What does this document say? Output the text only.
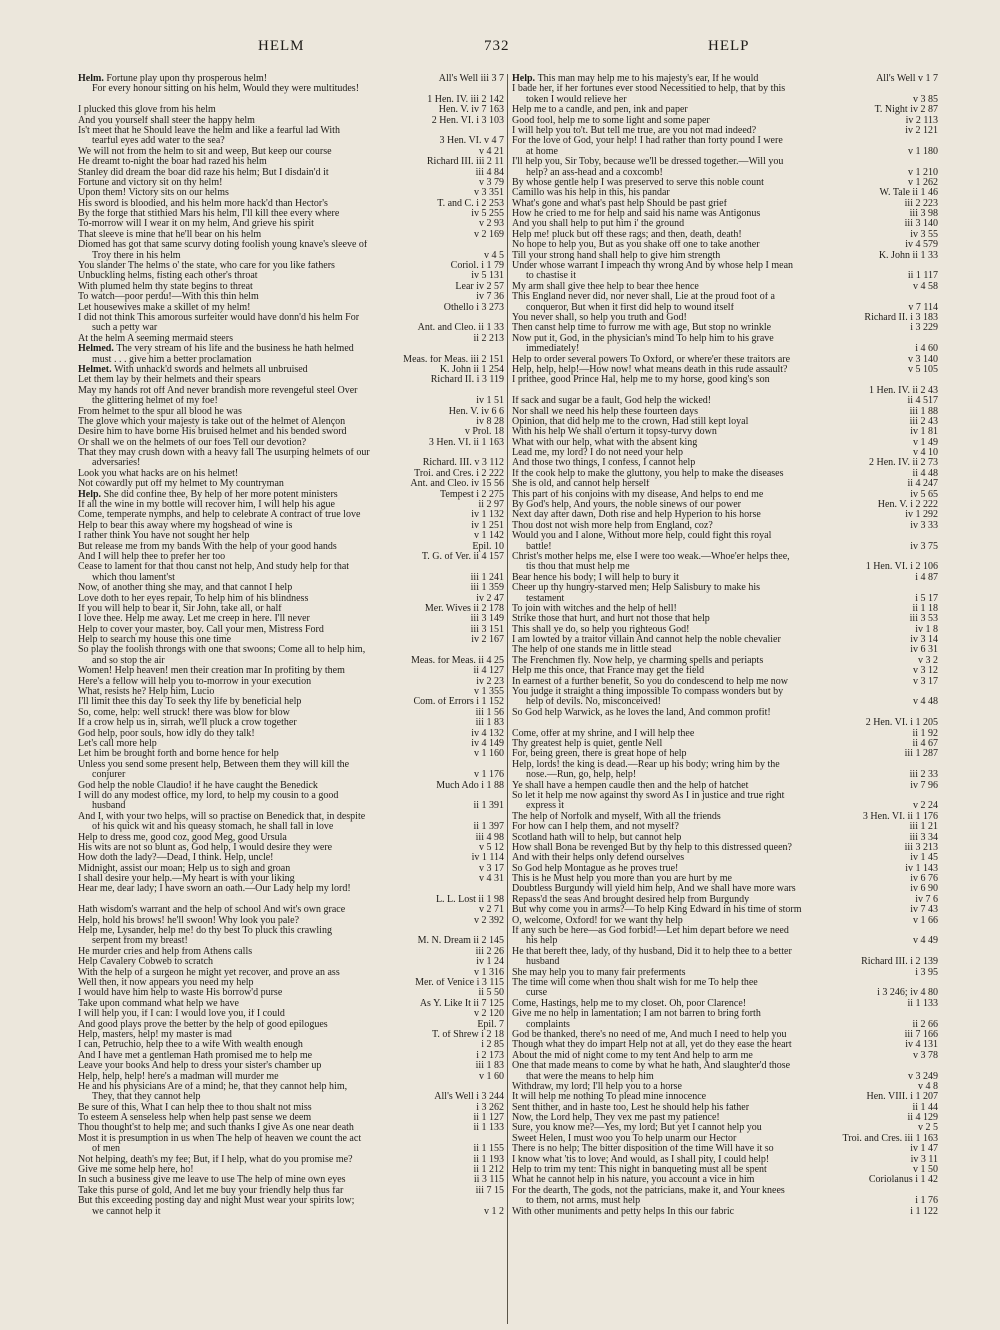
HELM	732	HELP
Helm. Fortune play upon thy prosperous helm!	All's Well iii 3 7
For every honour sitting on his helm, Would they were multitudes!
1 Hen. IV. iii 2 142
I plucked this glove from his helm	Hen. V. iv 7 163
And you yourself shall steer the happy helm	2 Hen. VI. i 3 103
Is't meet that he Should leave the helm and like a fearful lad With
tearful eyes add water to the sea?	3 Hen. VI. v 4 7
We will not from the helm to sit and weep, But keep our course	v 4 21
He dreamt to-night the boar had razed his helm	Richard III. iii 2 11
Stanley did dream the boar did raze his helm; But I disdain'd it	iii 4 84
Fortune and victory sit on thy helm!	v 3 79
Upon them! Victory sits on our helms	v 3 351
His sword is bloodied, and his helm more hack'd than Hector's	T. and C. i 2 253
By the forge that stithied Mars his helm, I'll kill thee every where	iv 5 255
To-morrow will I wear it on my helm, And grieve his spirit	v 2 93
That sleeve is mine that he'll bear on his helm	v 2 169
Diomed has got that same scurvy doting foolish young knave's sleeve of
Troy there in his helm	v 4 5
You slander The helms o' the state, who care for you like fathers	Coriol. i 1 79
Unbuckling helms, fisting each other's throat	iv 5 131
With plumed helm thy state begins to threat	Lear iv 2 57
To watch—poor perdu!—With this thin helm	iv 7 36
Let housewives make a skillet of my helm!	Othello i 3 273
I did not think This amorous surfeiter would have donn'd his helm For
such a petty war	Ant. and Cleo. ii 1 33
At the helm A seeming mermaid steers	ii 2 213
Helmed. The very stream of his life and the business he hath helmed
must . . . give him a better proclamation	Meas. for Meas. iii 2 151
Helmet. With unhack'd swords and helmets all unbruised	K. John ii 1 254
Let them lay by their helmets and their spears	Richard II. i 3 119
May my hands rot off And never brandish more revengeful steel Over
the glittering helmet of my foe!	iv 1 51
From helmet to the spur all blood he was	Hen. V. iv 6 6
The glove which your majesty is take out of the helmet of Alençon	iv 8 28
Desire him to have borne His bruised helmet and his bended sword	v Prol. 18
Or shall we on the helmets of our foes Tell our devotion?	3 Hen. VI. ii 1 163
That they may crush down with a heavy fall The usurping helmets of our
adversaries!	Richard. III. v 3 112
Look you what hacks are on his helmet!	Troi. and Cres. i 2 222
Not cowardly put off my helmet to My countryman	Ant. and Cleo. iv 15 56
Help. She did confine thee, By help of her more potent ministers	Tempest i 2 275
If all the wine in my bottle will recover him, I will help his ague	ii 2 97
Come, temperate nymphs, and help to celebrate A contract of true love	iv 1 132
Help to bear this away where my hogshead of wine is	iv 1 251
I rather think You have not sought her help	v 1 142
But release me from my bands With the help of your good hands	Epil. 10
And I will help thee to prefer her too	T. G. of Ver. ii 4 157
Cease to lament for that thou canst not help, And study help for that
which thou lament'st	iii 1 241
Now, of another thing she may, and that cannot I help	iii 1 359
Love doth to her eyes repair, To help him of his blindness	iv 2 47
If you will help to bear it, Sir John, take all, or half	Mer. Wives ii 2 178
I love thee. Help me away. Let me creep in here. I'll never	iii 3 149
Help to cover your master, boy. Call your men, Mistress Ford	iii 3 151
Help to search my house this one time	iv 2 167
So play the foolish throngs with one that swoons; Come all to help him,
and so stop the air	Meas. for Meas. ii 4 25
Women! Help heaven! men their creation mar In profiting by them	ii 4 127
Here's a fellow will help you to-morrow in your execution	iv 2 23
What, resists he? Help him, Lucio	v 1 355
I'll limit thee this day To seek thy life by beneficial help	Com. of Errors i 1 152
So, come, help: well struck! there was blow for blow	iii 1 56
If a crow help us in, sirrah, we'll pluck a crow together	iii 1 83
God help, poor souls, how idly do they talk!	iv 4 132
Let's call more help	iv 4 149
Let him be brought forth and borne hence for help	v 1 160
Unless you send some present help, Between them they will kill the
conjurer	v 1 176
God help the noble Claudio! if he have caught the Benedick	Much Ado i 1 88
I will do any modest office, my lord, to help my cousin to a good
husband	ii 1 391
And I, with your two helps, will so practise on Benedick that, in despite
of his quick wit and his queasy stomach, he shall fall in love	ii 1 397
Help to dress me, good coz, good Meg, good Ursula	iii 4 98
His wits are not so blunt as, God help, I would desire they were	v 5 12
How doth the lady?—Dead, I think. Help, uncle!	iv 1 114
Midnight, assist our moan; Help us to sigh and groan	v 3 17
I shall desire your help.—My heart is with your liking	v 4 31
Hear me, dear lady; I have sworn an oath.—Our Lady help my lord!
L. L. Lost ii 1 98
Hath wisdom's warrant and the help of school And wit's own grace	v 2 71
Help, hold his brows! he'll swoon! Why look you pale?	v 2 392
Help me, Lysander, help me! do thy best To pluck this crawling
serpent from my breast!	M. N. Dream ii 2 145
He murder cries and help from Athens calls	iii 2 26
Help Cavalery Cobweb to scratch	iv 1 24
With the help of a surgeon he might yet recover, and prove an ass	v 1 316
Well then, it now appears you need my help	Mer. of Venice i 3 115
I would have him help to waste His borrow'd purse	ii 5 50
Take upon command what help we have	As Y. Like It ii 7 125
I will help you, if I can: I would love you, if I could	v 2 120
And good plays prove the better by the help of good epilogues	Epil. 7
Help, masters, help! my master is mad	T. of Shrew i 2 18
I can, Petruchio, help thee to a wife With wealth enough	i 2 85
And I have met a gentleman Hath promised me to help me	i 2 173
Leave your books And help to dress your sister's chamber up	iii 1 83
Help, help, help! here's a madman will murder me	v 1 60
He and his physicians Are of a mind; he, that they cannot help him,
They, that they cannot help	All's Well i 3 244
Be sure of this, What I can help thee to thou shalt not miss	i 3 262
To esteem A senseless help when help past sense we deem	ii 1 127
Thou thought'st to help me; and such thanks I give As one near death	ii 1 133
Most it is presumption in us when The help of heaven we count the act
of men	ii 1 155
Not helping, death's my fee; But, if I help, what do you promise me?	ii 1 193
Give me some help here, ho!	ii 1 212
In such a business give me leave to use The help of mine own eyes	ii 3 115
Take this purse of gold, And let me buy your friendly help thus far	iii 7 15
But this exceeding posting day and night Must wear your spirits low;
we cannot help it	v 1 2
Help. This man may help me to his majesty's ear, If he would	All's Well v 1 7
I bade her, if her fortunes ever stood Necessitied to help, that by this
token I would relieve her	v 3 85
Help me to a candle, and pen, ink and paper	T. Night iv 2 87
Good fool, help me to some light and some paper	iv 2 113
I will help you to't. But tell me true, are you not mad indeed?	iv 2 121
For the love of God, your help! I had rather than forty pound I were
at home	v 1 180
I'll help you, Sir Toby, because we'll be dressed together.—Will you
help? an ass-head and a coxcomb!	v 1 210
By whose gentle help I was preserved to serve this noble count	v 1 262
Camillo was his help in this, his pandar	W. Tale ii 1 46
What's gone and what's past help Should be past grief	iii 2 223
How he cried to me for help and said his name was Antigonus	iii 3 98
And you shall help to put him i' the ground	iii 3 140
Help me! pluck but off these rags; and then, death, death!	iv 3 55
No hope to help you, But as you shake off one to take another	iv 4 579
Till your strong hand shall help to give him strength	K. John ii 1 33
Under whose warrant I impeach thy wrong And by whose help I mean
to chastise it	ii 1 117
My arm shall give thee help to bear thee hence	v 4 58
This England never did, nor never shall, Lie at the proud foot of a
conqueror, But when it first did help to wound itself	v 7 114
You never shall, so help you truth and God!	Richard II. i 3 183
Then canst help time to furrow me with age, But stop no wrinkle	i 3 229
Now put it, God, in the physician's mind To help him to his grave
immediately!	i 4 60
Help to order several powers To Oxford, or where'er these traitors are	v 3 140
Help, help, help!—How now! what means death in this rude assault?	v 5 105
I prithee, good Prince Hal, help me to my horse, good king's son
1 Hen. IV. ii 2 43
If sack and sugar be a fault, God help the wicked!	ii 4 517
Nor shall we need his help these fourteen days	iii 1 88
Opinion, that did help me to the crown, Had still kept loyal	iii 2 43
With his help We shall o'erturn it topsy-turvy down	iv 1 81
What with our help, what with the absent king	v 1 49
Lead me, my lord? I do not need your help	v 4 10
And those two things, I confess, I cannot help	2 Hen. IV. ii 2 73
If the cook help to make the gluttony, you help to make the diseases	ii 4 48
She is old, and cannot help herself	ii 4 247
This part of his conjoins with my disease, And helps to end me	iv 5 65
By God's help, And yours, the noble sinews of our power	Hen. V. i 2 222
Next day after dawn, Doth rise and help Hyperion to his horse	iv 1 292
Thou dost not wish more help from England, coz?	iv 3 33
Would you and I alone, Without more help, could fight this royal
battle!	iv 3 75
Christ's mother helps me, else I were too weak.—Whoe'er helps thee,
tis thou that must help me	1 Hen. VI. i 2 106
Bear hence his body; I will help to bury it	i 4 87
Cheer up thy hungry-starved men; Help Salisbury to make his
testament	i 5 17
To join with witches and the help of hell!	ii 1 18
Strike those that hurt, and hurt not those that help	iii 3 53
This shall ye do, so help you righteous God!	iv 1 8
I am lowted by a traitor villain And cannot help the noble chevalier	iv 3 14
The help of one stands me in little stead	iv 6 31
The Frenchmen fly. Now help, ye charming spells and periapts	v 3 2
Help me this once, that France may get the field	v 3 12
In earnest of a further benefit, So you do condescend to help me now	v 3 17
You judge it straight a thing impossible To compass wonders but by
help of devils. No, misconceived!	v 4 48
So God help Warwick, as he loves the land, And common profit!
2 Hen. VI. i 1 205
Come, offer at my shrine, and I will help thee	ii 1 92
Thy greatest help is quiet, gentle Nell	ii 4 67
For, being green, there is great hope of help	iii 1 287
Help, lords! the king is dead.—Rear up his body; wring him by the
nose.—Run, go, help, help!	iii 2 33
Ye shall have a hempen caudle then and the help of hatchet	iv 7 96
So let it help me now against thy sword As I in justice and true right
express it	v 2 24
The help of Norfolk and myself, With all the friends	3 Hen. VI. ii 1 176
For how can I help them, and not myself?	iii 1 21
Scotland hath will to help, but cannot help	iii 3 34
How shall Bona be revenged But by thy help to this distressed queen?	iii 3 213
And with their helps only defend ourselves	iv 1 45
So God help Montague as he proves true!	iv 1 143
This is he Must help you more than you are hurt by me	iv 6 76
Doubtless Burgundy will yield him help, And we shall have more wars	iv 6 90
Repass'd the seas And brought desired help from Burgundy	iv 7 6
But why come you in arms?—To help King Edward in his time of storm	iv 7 43
O, welcome, Oxford! for we want thy help	v 1 66
If any such be here—as God forbid!—Let him depart before we need
his help	v 4 49
He that bereft thee, lady, of thy husband, Did it to help thee to a better
husband	Richard III. i 2 139
She may help you to many fair preferments	i 3 95
The time will come when thou shalt wish for me To help thee
curse	i 3 246; iv 4 80
Come, Hastings, help me to my closet. Oh, poor Clarence!	ii 1 133
Give me no help in lamentation; I am not barren to bring forth
complaints	ii 2 66
God be thanked, there's no need of me, And much I need to help you	iii 7 166
Though what they do impart Help not at all, yet do they ease the heart	iv 4 131
About the mid of night come to my tent And help to arm me	v 3 78
One that made means to come by what he hath, And slaughter'd those
that were the means to help him	v 3 249
Withdraw, my lord; I'll help you to a horse	v 4 8
It will help me nothing To plead mine innocence	Hen. VIII. i 1 207
Sent thither, and in haste too, Lest he should help his father	ii 1 44
Now, the Lord help, They vex me past my patience!	ii 4 129
Sure, you know me?—Yes, my lord; But yet I cannot help you	v 2 5
Sweet Helen, I must woo you To help unarm our Hector	Troi. and Cres. iii 1 163
There is no help; The bitter disposition of the time Will have it so	iv 1 47
I know what 'tis to love; And would, as I shall pity, I could help!	iv 3 11
Help to trim my tent: This night in banqueting must all be spent	v 1 50
What he cannot help in his nature, you account a vice in him	Coriolanus i 1 42
For the dearth, The gods, not the patricians, make it, and Your knees
to them, not arms, must help	i 1 76
With other muniments and petty helps In this our fabric	i 1 122
